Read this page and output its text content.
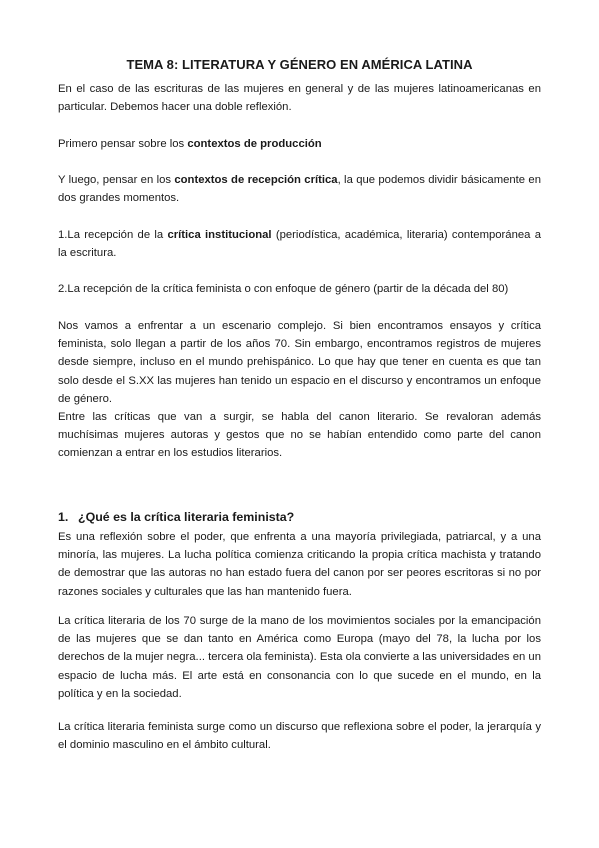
TEMA 8: LITERATURA Y GÉNERO EN AMÉRICA LATINA

En el caso de las escrituras de las mujeres en general y de las mujeres latinoamericanas en particular. Debemos hacer una doble reflexión.

Primero pensar sobre los contextos de producción

Y luego, pensar en los contextos de recepción crítica, la que podemos dividir básicamente en dos grandes momentos.

1.La recepción de la crítica institucional (periodística, académica, literaria) contemporánea a la escritura.

2.La recepción de la crítica feminista o con enfoque de género (partir de la década del 80)

Nos vamos a enfrentar a un escenario complejo. Si bien encontramos ensayos y crítica feminista, solo llegan a partir de los años 70. Sin embargo, encontramos registros de mujeres desde siempre, incluso en el mundo prehispánico. Lo que hay que tener en cuenta es que tan solo desde el S.XX las mujeres han tenido un espacio en el discurso y encontramos un enfoque de género.

Entre las críticas que van a surgir, se habla del canon literario. Se revaloran además muchísimas mujeres autoras y gestos que no se habían entendido como parte del canon comienzan a entrar en los estudios literarios.

1. ¿Qué es la crítica literaria feminista?

Es una reflexión sobre el poder, que enfrenta a una mayoría privilegiada, patriarcal, y a una minoría, las mujeres. La lucha política comienza criticando la propia crítica machista y tratando de demostrar que las autoras no han estado fuera del canon por ser peores escritoras si no por razones sociales y culturales que las han mantenido fuera.

La crítica literaria de los 70 surge de la mano de los movimientos sociales por la emancipación de las mujeres que se dan tanto en América como Europa (mayo del 78, la lucha por los derechos de la mujer negra... tercera ola feminista). Esta ola convierte a las universidades en un espacio de lucha más. El arte está en consonancia con lo que sucede en el mundo, en la política y en la sociedad.

La crítica literaria feminista surge como un discurso que reflexiona sobre el poder, la jerarquía y el dominio masculino en el ámbito cultural.
